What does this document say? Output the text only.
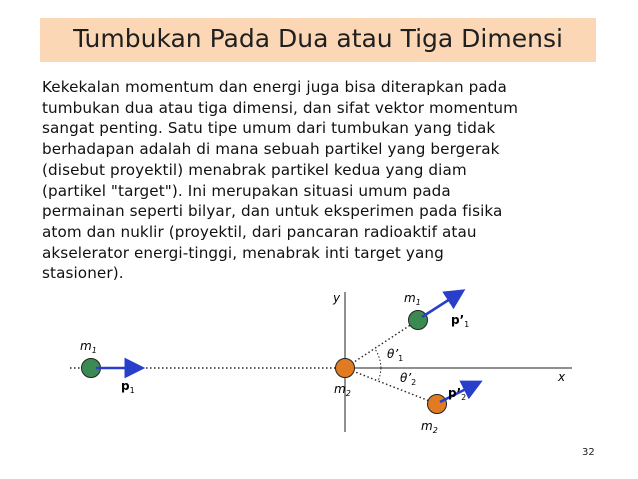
Tumbukan Pada Dua atau Tiga Dimensi
Kekekalan momentum dan energi juga bisa diterapkan pada
tumbukan dua atau tiga dimensi, dan sifat vektor momentum
sangat penting. Satu tipe umum dari tumbukan yang tidak
berhadapan adalah di mana sebuah partikel yang bergerak
(disebut proyektil) menabrak partikel kedua yang diam
(partikel "target"). Ini merupakan situasi umum pada
permainan seperti bilyar, dan untuk eksperimen pada fisika
atom dan nuklir (proyektil, dari pancaran radioaktif atau
akselerator energi-tinggi, menabrak inti target yang
stasioner).
y
x
$m_1$
$p_1$	$m_2$
$m_1$
$p’_1$
$m_2$
$p’_2$
$\theta’_1$
$\theta’_2$
32
